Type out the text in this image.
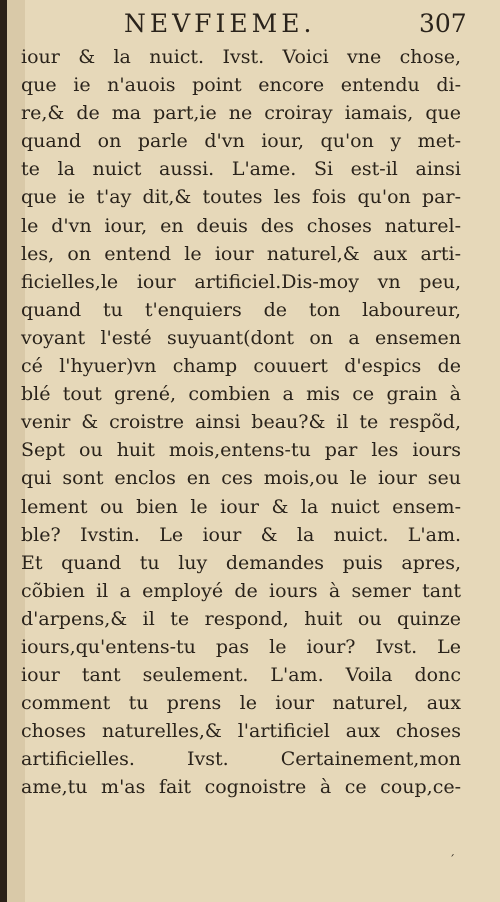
NEVFIEME.	307
iour & la nuict. Ivst. Voici vne chose,
que ie n'auois point encore entendu di-
re,& de ma part,ie ne croiray iamais, que
quand on parle d'vn iour, qu'on y met-
te la nuict aussi. L'ame. Si est-il ainsi
que ie t'ay dit,& toutes les fois qu'on par-
le d'vn iour, en deuis des choses naturel-
les, on entend le iour naturel,& aux arti-
ficielles,le iour artificiel.Dis-moy vn peu,
quand tu t'enquiers de ton laboureur,
voyant l'esté suyuant(dont on a ensemen
cé l'hyuer)vn champ couuert d'espics de
blé tout grené, combien a mis ce grain à
venir & croistre ainsi beau?& il te respõd,
Sept ou huit mois,entens-tu par les iours
qui sont enclos en ces mois,ou le iour seu
lement ou bien le iour & la nuict ensem-
ble? Ivstin. Le iour & la nuict. L'am.
Et quand tu luy demandes puis apres,
cõbien il a employé de iours à semer tant
d'arpens,& il te respond, huit ou quinze
iours,qu'entens-tu pas le iour? Ivst. Le
iour tant seulement. L'am. Voila donc
comment tu prens le iour naturel, aux
choses naturelles,& l'artificiel aux choses
artificielles. Ivst. Certainement,mon
ame,tu m'as fait cognoistre à ce coup,ce-
ˊ
